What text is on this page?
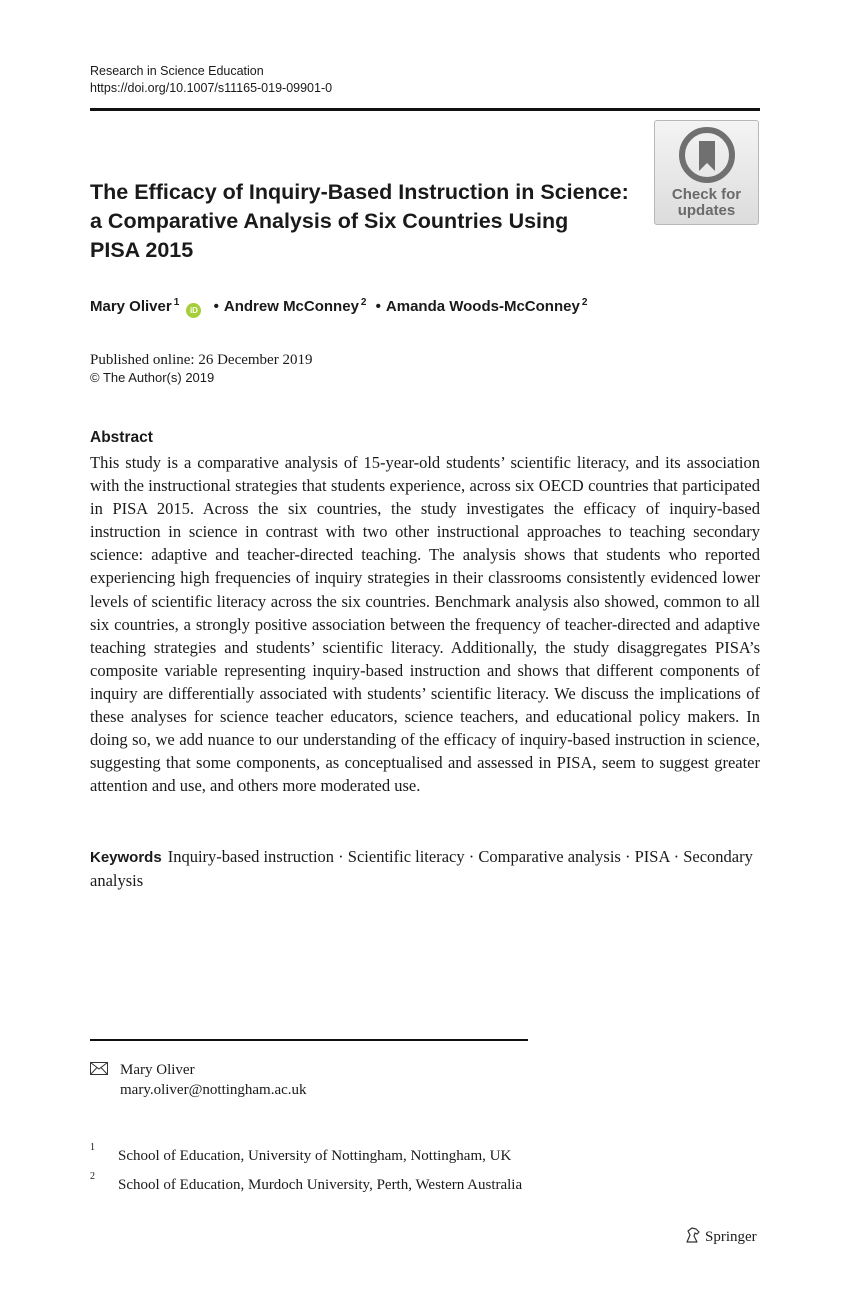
Research in Science Education
https://doi.org/10.1007/s11165-019-09901-0
Check for
updates
The Efficacy of Inquiry-Based Instruction in Science:
a Comparative Analysis of Six Countries Using
PISA 2015
Mary Oliver $^1$ iD • Andrew McConney $^2$ • Amanda Woods-McConney $^2$
Published online: 26 December 2019
© The Author(s) 2019
Abstract

This study is a comparative analysis of 15-year-old students’ scientific literacy, and its association with the instructional strategies that students experience, across six OECD countries that participated in PISA 2015. Across the six countries, the study investigates the efficacy of inquiry-based instruction in science in contrast with two other instructional approaches to teaching secondary science: adaptive and teacher-directed teaching. The analysis shows that students who reported experiencing high frequencies of inquiry strategies in their classrooms consistently evidenced lower levels of scientific literacy across the six countries. Benchmark analysis also showed, common to all six countries, a strongly positive association between the frequency of teacher-directed and adaptive teaching strategies and students’ scientific literacy. Additionally, the study disaggregates PISA’s composite variable representing inquiry-based instruction and shows that different components of inquiry are differentially associated with students’ scientific literacy. We discuss the implications of these analyses for science teacher educators, science teachers, and educational policy makers. In doing so, we add nuance to our understanding of the efficacy of inquiry-based instruction in science, suggesting that some components, as conceptualised and assessed in PISA, seem to suggest greater attention and use, and others more moderated use.

Keywords Inquiry-based instruction · Scientific literacy · Comparative analysis · PISA · Secondary analysis

Mary Oliver
mary.oliver@nottingham.ac.uk
1
School of Education, University of Nottingham, Nottingham, UK
2
School of Education, Murdoch University, Perth, Western Australia
Springer
